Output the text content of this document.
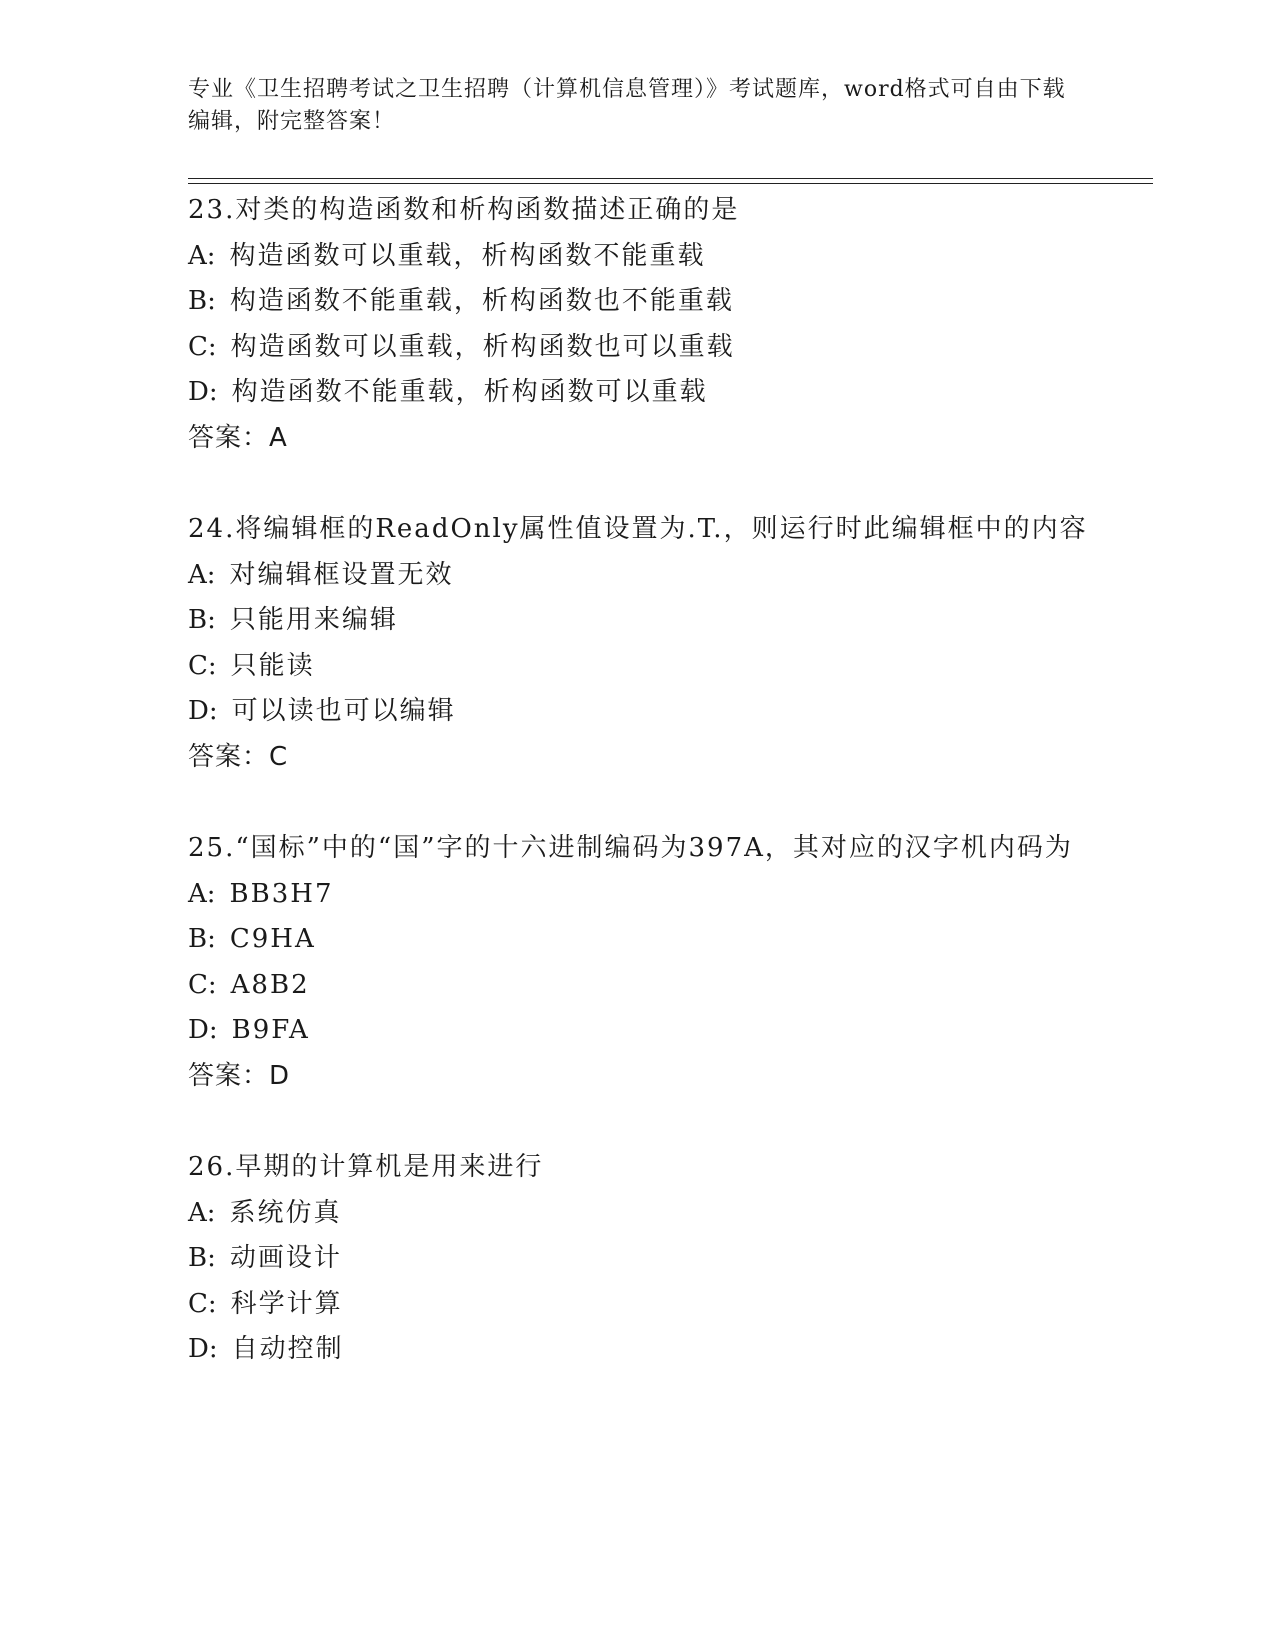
专业《卫生招聘考试之卫生招聘（计算机信息管理）》考试题库，word格式可自由下载编辑，附完整答案！
23.对类的构造函数和析构函数描述正确的是
A: 构造函数可以重载，析构函数不能重载
B: 构造函数不能重载，析构函数也不能重载
C: 构造函数可以重载，析构函数也可以重载
D: 构造函数不能重载，析构函数可以重载
答案：A
24.将编辑框的ReadOnly属性值设置为.T.，则运行时此编辑框中的内容
A: 对编辑框设置无效
B: 只能用来编辑
C: 只能读
D: 可以读也可以编辑
答案：C
25.“国标”中的“国”字的十六进制编码为397A，其对应的汉字机内码为
A: BB3H7
B: C9HA
C: A8B2
D: B9FA
答案：D
26.早期的计算机是用来进行
A: 系统仿真
B: 动画设计
C: 科学计算
D: 自动控制
